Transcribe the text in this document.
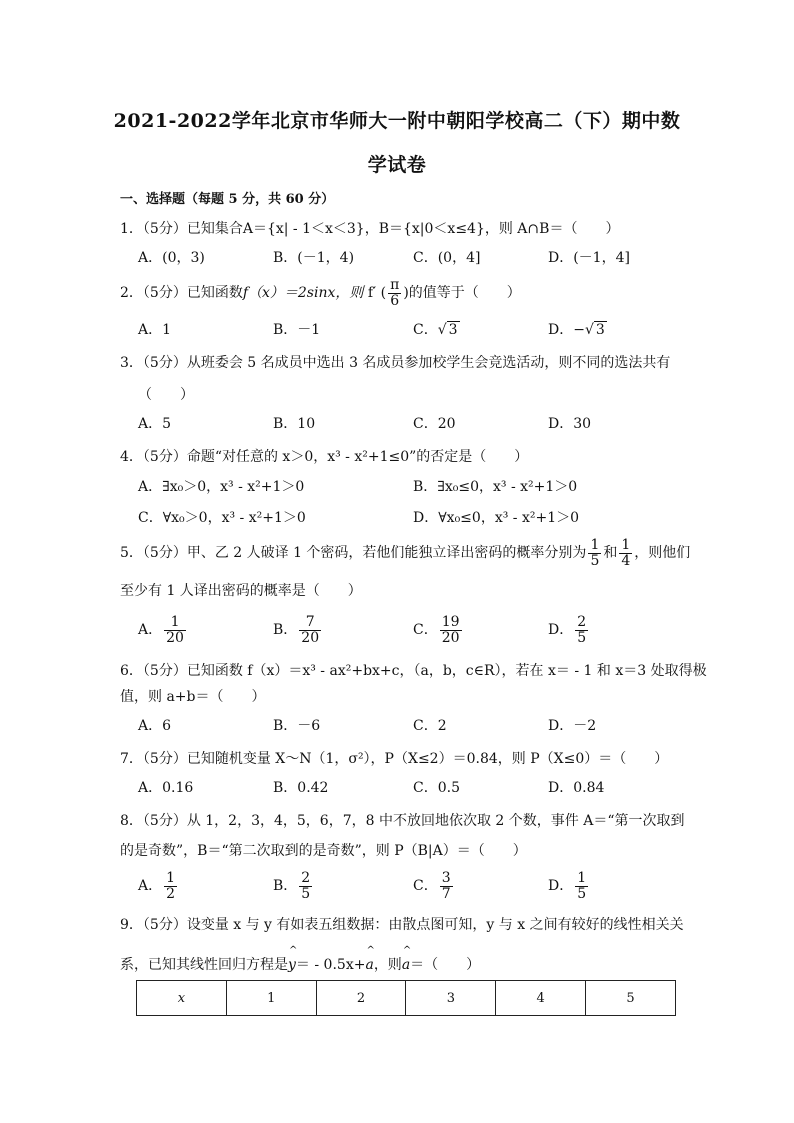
2021-2022学年北京市华师大一附中朝阳学校高二（下）期中数
学试卷
一、选择题（每题 5 分，共 60 分）
1．（5分）已知集合A＝{x| - 1＜x＜3}，B＝{x|0＜x≤4}，则 A∩B＝（　　）
A．(0，3)	B．(－1，4)	C．(0，4]	D．(－1，4]
2．（5分）已知函数f（x）＝2sinx，则 f′ ( $\frac{\pi}{6}$ )的值等于（　　）
A．1	B．－1	C．√ 3	D．−√ 3
3．（5分）从班委会 5 名成员中选出 3 名成员参加校学生会竞选活动，则不同的选法共有
（　　）
A．5	B．10	C．20	D．30
4．（5分）命题“对任意的 x＞0，x³ - x²+1≤0”的否定是（　　）
A．∃x₀＞0，x³ - x²+1＞0	B．∃x₀≤0，x³ - x²+1＞0
C．∀x₀＞0，x³ - x²+1＞0	D．∀x₀≤0，x³ - x²+1＞0
5．（5分）甲、乙 2 人破译 1 个密码，若他们能独立译出密码的概率分别为 $\frac{1}{5}$ 和 $\frac{1}{4}$ ，则他们
至少有 1 人译出密码的概率是（　　）
A． $\frac{1}{20}$	B． $\frac{7}{20}$	C． $\frac{19}{20}$	D． $\frac{2}{5}$
6．（5分）已知函数 f（x）＝x³ - ax²+bx+c，（a，b，c∈R），若在 x＝ - 1 和 x＝3 处取得极
值，则 a+b＝（　　）
A．6	B．－6	C．2	D．－2
7．（5分）已知随机变量 X～N（1，σ²），P（X≤2）＝0.84，则 P（X≤0）＝（　　）
A．0.16	B．0.42	C．0.5	D．0.84
8．（5分）从 1，2，3，4，5，6，7，8 中不放回地依次取 2 个数，事件 A＝“第一次取到
的是奇数”，B＝“第二次取到的是奇数”，则 P（B|A）＝（　　）
A． $\frac{1}{2}$	B． $\frac{2}{5}$	C． $\frac{3}{7}$	D． $\frac{1}{5}$
9．（5分）设变量 x 与 y 有如表五组数据：由散点图可知，y 与 x 之间有较好的线性相关关
系，已知其线性回归方程是^ y＝ - 0.5x+^ a，则^ a＝（　　）
x	1	2	3	4	5
